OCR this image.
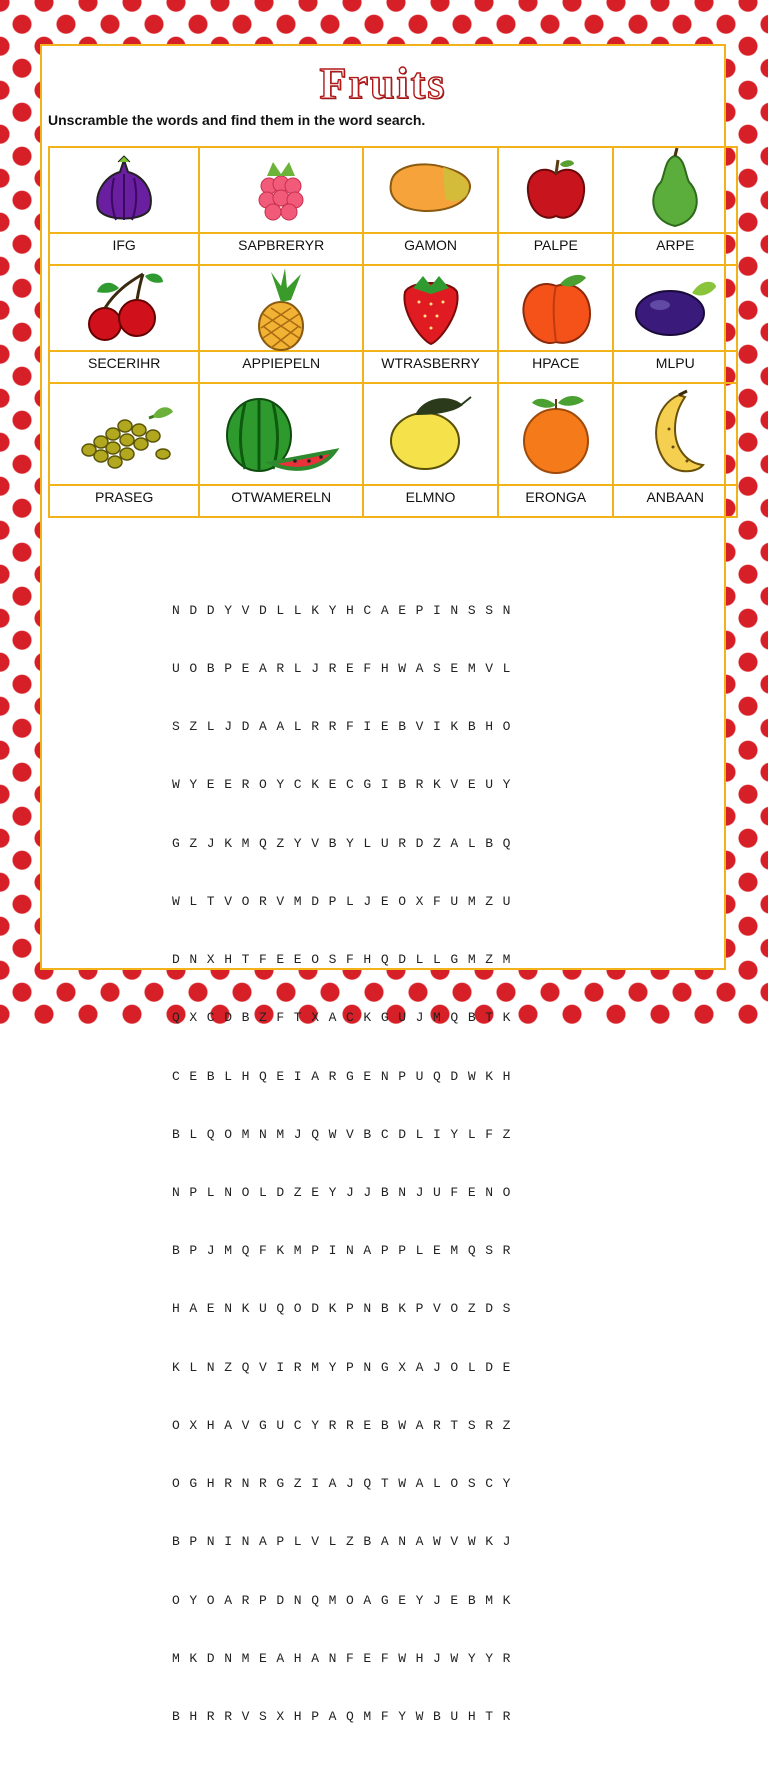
Fruits
Unscramble the words and find them in the word search.
IFG	SAPBRERYR	GAMON	PALPE	ARPE

SECERIHR	APPIEPELN	WTRASBERRY	HPACE	MLPU

PRASEG	OTWAMERELN	ELMNO	ERONGA	ANBAAN

NDDYVDLLKYHCAEPINSSN

UOBPEARLJREFHWASEMVL

SZLJDAALRRFIEBVIKBHO

WYEEROYCKECGIBRKVEUY

GZJKMQZYVBYLURDZALBQ

WLTVORVMDPLJEOXFUMZU

DNXHTFEEOSFHQDLLGMZM

QXCDBZFTXACKGUJMQBTK

CEBLHQEIARGENPUQDWKH

BLQOMNMJQWVBCDLIYLFZ

NPLNOLDZEYJJBNJUFENO

BPJMQFKMPINAPPLEMQSR

HAENKUQODKPNBKPVOZDS

KLNZQVIRMYPNGXAJOLDE

OXHAVGUCYRREBWARTSRZ

OGHRNRGZIAJQTWALOSCY

BPNINAPLVLZBANAWVWKJ

OYOARPDNQMOAGEYJEBMK

MKDNMEAHANFEFWHJWYYR

BHRRVSXHPAQMFYWBUHTR
